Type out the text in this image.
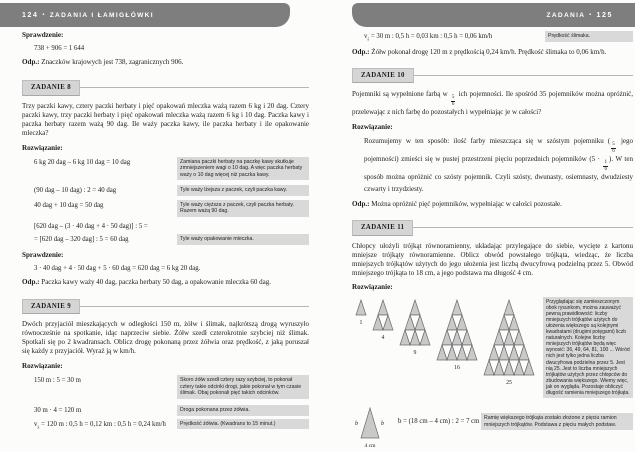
124 • ZADANIA I ŁAMIGŁÓWKI	ZADANIA • 125
Sprawdzenie:
738 + 906 = 1 644

Odp.: Znaczków krajowych jest 738, zagranicznych 906.

ZADANIE 8

Trzy paczki kawy, cztery paczki herbaty i pięć opakowań mleczka ważą razem 6 kg i 20 dag. Cztery paczki kawy, trzy paczki herbaty i pięć opakowań mleczka ważą razem 6 kg i 10 dag. Paczka kawy i paczka herbaty razem ważą 90 dag. Ile waży paczka kawy, ile paczka herbaty i ile opakowanie mleczka?

Rozwiązanie:
6 kg 20 dag – 6 kg 10 dag = 10 dag	Zamiana paczki herbaty na paczkę kawy skutkuje zmniejszeniem wagi o 10 dag. A więc paczka herbaty waży o 10 dag więcej niż paczka kawy.
(90 dag – 10 dag) : 2 = 40 dag	Tyle waży lżejsza z paczek, czyli paczka kawy.
40 dag + 10 dag = 50 dag	Tyle waży cięższa z paczek, czyli paczka herbaty. Razem ważą 90 dag.
[620 dag – (3 · 40 dag + 4 · 50 dag)] : 5 =
= [620 dag – 320 dag] : 5 = 60 dag	Tyle waży opakowanie mleczka.
Sprawdzenie:
3 · 40 dag + 4 · 50 dag + 5 · 60 dag = 620 dag = 6 kg 20 dag.

Odp.: Paczka kawy waży 40 dag, paczka herbaty 50 dag, a opakowanie mleczka 60 dag.

ZADANIE 9

Dwóch przyjaciół mieszkających w odległości 150 m, żółw i ślimak, najkrótszą drogą wyruszyło równocześnie na spotkanie, idąc naprzeciw siebie. Żółw szedł czterokrotnie szybciej niż ślimak. Spotkali się po 2 kwadransach. Oblicz drogę pokonaną przez żółwia oraz prędkość, z jaką poruszał się każdy z przyjaciół. Wyraź ją w km/h.

Rozwiązanie:
150 m : 5 = 30 m	Skoro żółw szedł cztery razy szybciej, to pokonał cztery takie odcinki drogi, jakie pokonał w tym czasie ślimak. Obaj pokonali pięć takich odcinków.
30 m · 4 = 120 m	Droga pokonana przez żółwia.
$v_ż = 120$ m : 0,5 h = 0,12 km : 0,5 h = 0,24 km/h	Prędkość żółwia. (Kwadrans to 15 minut.)
$v_ś = 30$ m : 0,5 h = 0,03 km : 0,5 h = 0,06 km/h	Prędkość ślimaka.

Odp.: Żółw pokonał drogę 120 m z prędkością 0,24 km/h. Prędkość ślimaka to 0,06 km/h.

ZADANIE 10

Pojemniki są wypełnione farbą w
$\frac{5}{6}$
ich pojemności. Ile spośród 35 pojemników można opróżnić, przelewając z nich farbę do pozostałych i wypełniając je w całości?

Rozwiązanie:

Rozumujemy w ten sposób: ilość farby mieszcząca się w szóstym pojemniku (
$\frac{5}{6}$
jego pojemności) zmieści się w pustej przestrzeni pięciu poprzednich pojemników (5 ·
$\frac{1}{6}$
). W ten sposób można opróżnić co szósty pojemnik. Czyli szósty, dwunasty, osiemnasty, dwudziesty czwarty i trzydziesty.

Odp.: Można opróżnić pięć pojemników, wypełniając w całości pozostałe.

ZADANIE 11

Chłopcy ułożyli trójkąt równoramienny, układając przylegające do siebie, wycięte z kartonu mniejsze trójkąty równoramienne. Oblicz obwód powstałego trójkąta, wiedząc, że liczba mniejszych trójkątów użytych do jego ułożenia jest liczbą dwucyfrową podzielną przez 5. Obwód mniejszego trójkąta to 18 cm, a jego podstawa ma długość 4 cm.

Rozwiązanie:
1
4
9
16
25
Przyglądając się zamieszczonym obok rysunkom, można zauważyć pewną prawidłowość: liczby mniejszych trójkątów użytych do ułożenia większego są kolejnymi kwadratami (drugimi potęgami) liczb naturalnych. Kolejne liczby mniejszych trójkątów będą więc wynosić: 36, 49, 64, 81, 100 ... Wśród nich jest tylko jedna liczba dwucyfrowa podzielna przez 5. Jest nią 25. Jest to liczba mniejszych trójkątów użytych przez chłopców do zbudowania większego. Wiemy więc, jak on wygląda. Pozostaje obliczyć długość ramienia mniejszego trójkąta.
b	b
4 cm
b = (18 cm – 4 cm) : 2 = 7 cm Ramię większego trójkąta zostało złożone z pięciu ramion mniejszych trójkątów. Podstawa z pięciu małych podstaw.
